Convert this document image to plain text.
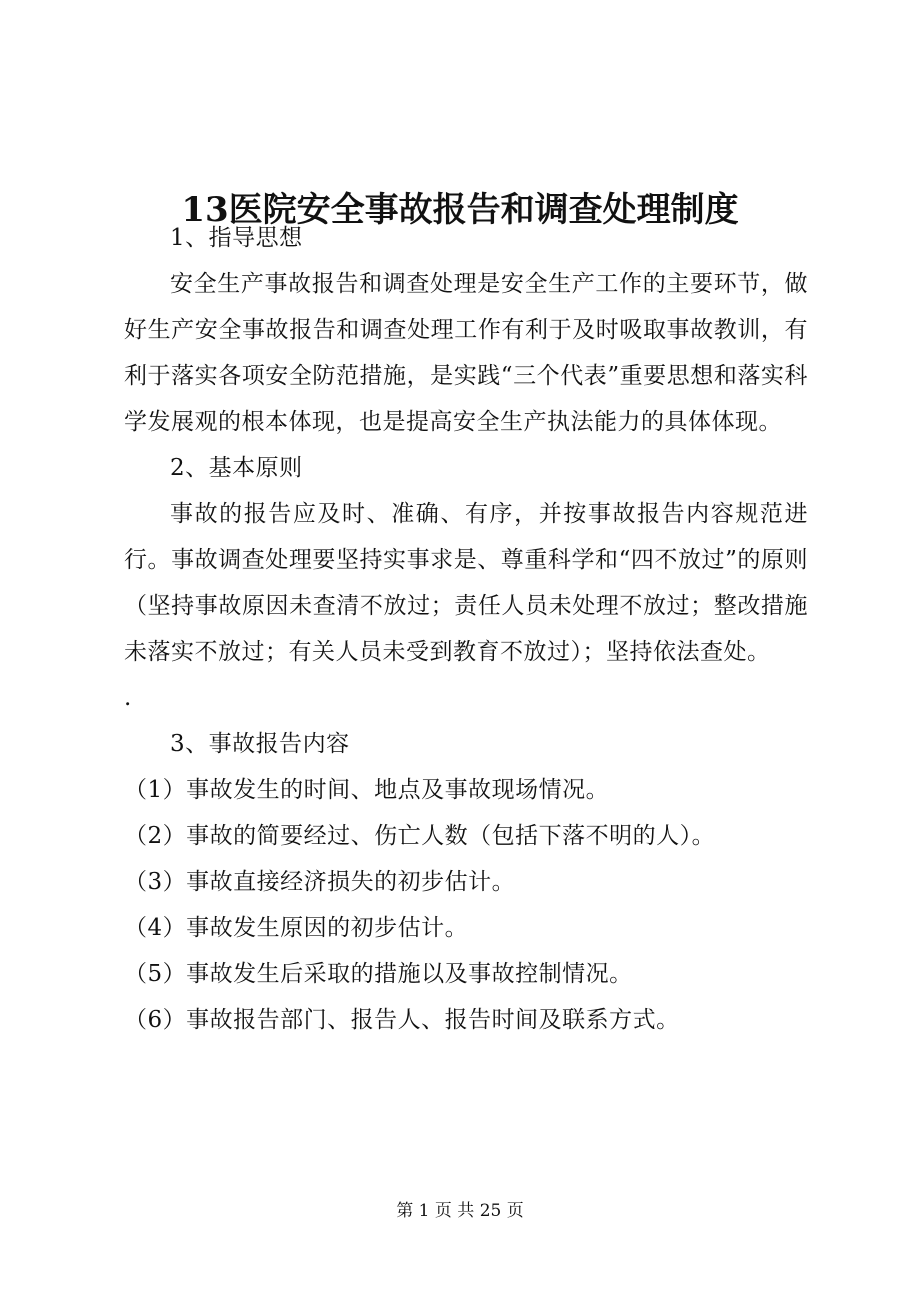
13医院安全事故报告和调查处理制度

1、指导思想

安全生产事故报告和调查处理是安全生产工作的主要环节，做好生产安全事故报告和调查处理工作有利于及时吸取事故教训，有利于落实各项安全防范措施，是实践“三个代表”重要思想和落实科学发展观的根本体现，也是提高安全生产执法能力的具体体现。

2、基本原则

事故的报告应及时、准确、有序，并按事故报告内容规范进行。事故调查处理要坚持实事求是、尊重科学和“四不放过”的原则（坚持事故原因未查清不放过；责任人员未处理不放过；整改措施未落实不放过；有关人员未受到教育不放过）；坚持依法查处。

.

3、事故报告内容

（1）事故发生的时间、地点及事故现场情况。

（2）事故的简要经过、伤亡人数（包括下落不明的人）。

（3）事故直接经济损失的初步估计。

（4）事故发生原因的初步估计。

（5）事故发生后采取的措施以及事故控制情况。

（6）事故报告部门、报告人、报告时间及联系方式。

第 1 页 共 25 页
